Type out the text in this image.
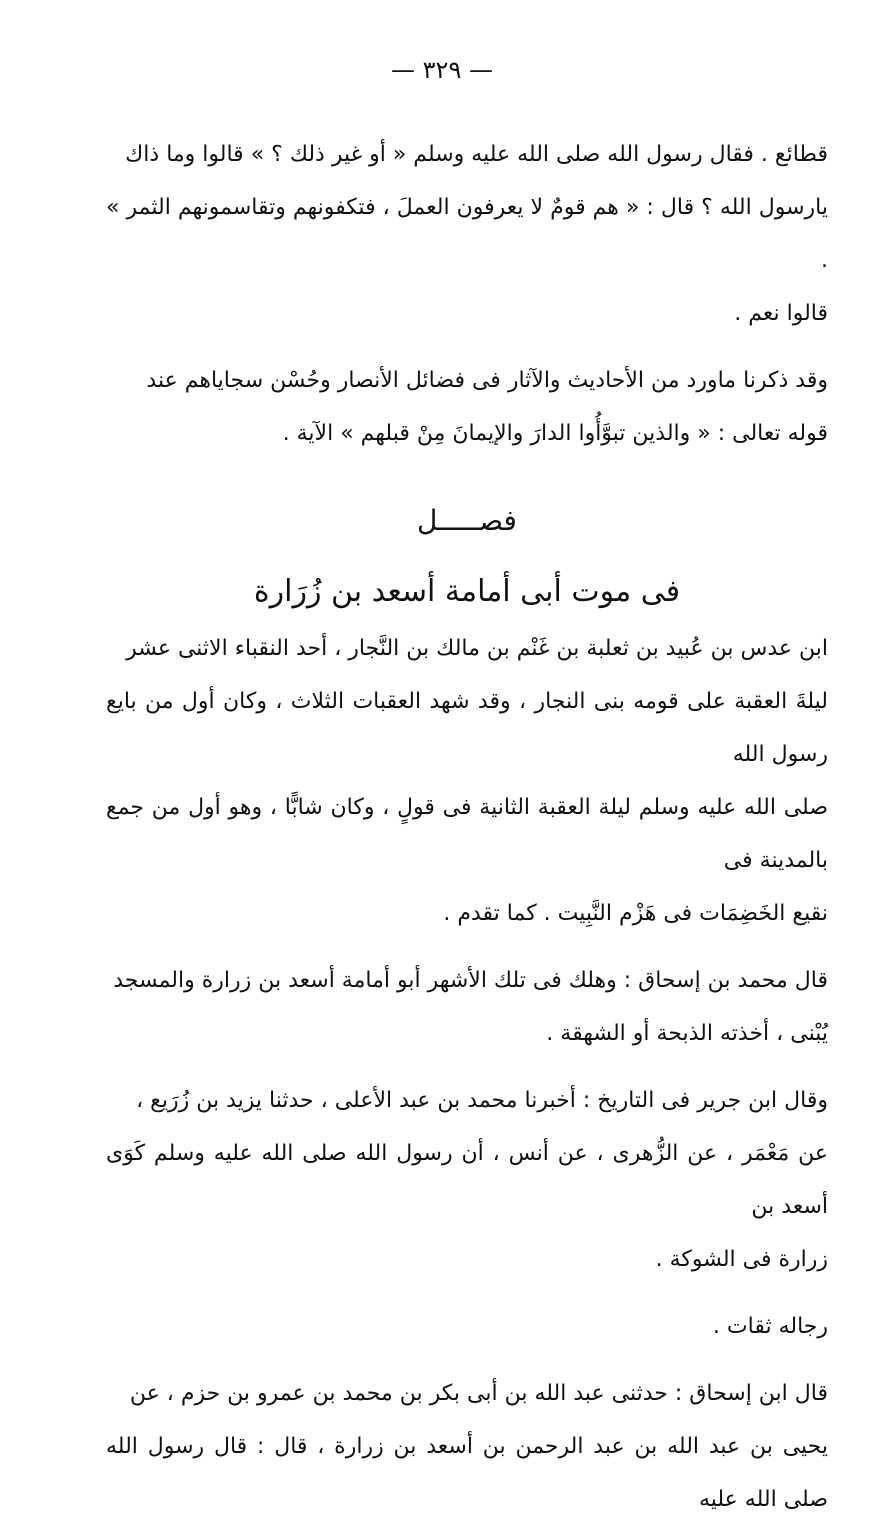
— ٣٢٩ —
قطائع . فقال رسول الله صلى الله عليه وسلم « أو غير ذلك ؟ » قالوا وما ذاك
يارسول الله ؟ قال : « هم قومٌ لا يعرفون العملَ ، فتكفونهم وتقاسمونهم الثمر » .
قالوا نعم .
وقد ذكرنا ماورد من الأحاديث والآثار فى فضائل الأنصار وحُسْن سجاياهم عند
قوله تعالى : « والذين تبوَّأُوا الدارَ والإيمانَ مِنْ قبلهم » الآية .
فصـــــل
فى موت أبى أمامة أسعد بن زُرَارة
ابن عدس بن عُبيد بن ثعلبة بن غَنْم بن مالك بن النَّجار ، أحد النقباء الاثنى عشر
ليلةَ العقبة على قومه بنى النجار ، وقد شهد العقبات الثلاث ، وكان أول من بايع رسول الله
صلى الله عليه وسلم ليلة العقبة الثانية فى قولٍ ، وكان شابًّا ، وهو أول من جمع بالمدينة فى
نقيع الخَضِمَات فى هَزْم النَّبِيت . كما تقدم .
قال محمد بن إسحاق : وهلك فى تلك الأشهر أبو أمامة أسعد بن زرارة والمسجد
يُبْنى ، أخذته الذبحة أو الشهقة .
وقال ابن جرير فى التاريخ : أخبرنا محمد بن عبد الأعلى ، حدثنا يزيد بن زُرَيع ،
عن مَعْمَر ، عن الزُّهرى ، عن أنس ، أن رسول الله صلى الله عليه وسلم كَوَى أسعد بن
زرارة فى الشوكة .
رجاله ثقات .
قال ابن إسحاق : حدثنى عبد الله بن أبى بكر بن محمد بن عمرو بن حزم ، عن
يحيى بن عبد الله بن عبد الرحمن بن أسعد بن زرارة ، قال : قال رسول الله صلى الله عليه
